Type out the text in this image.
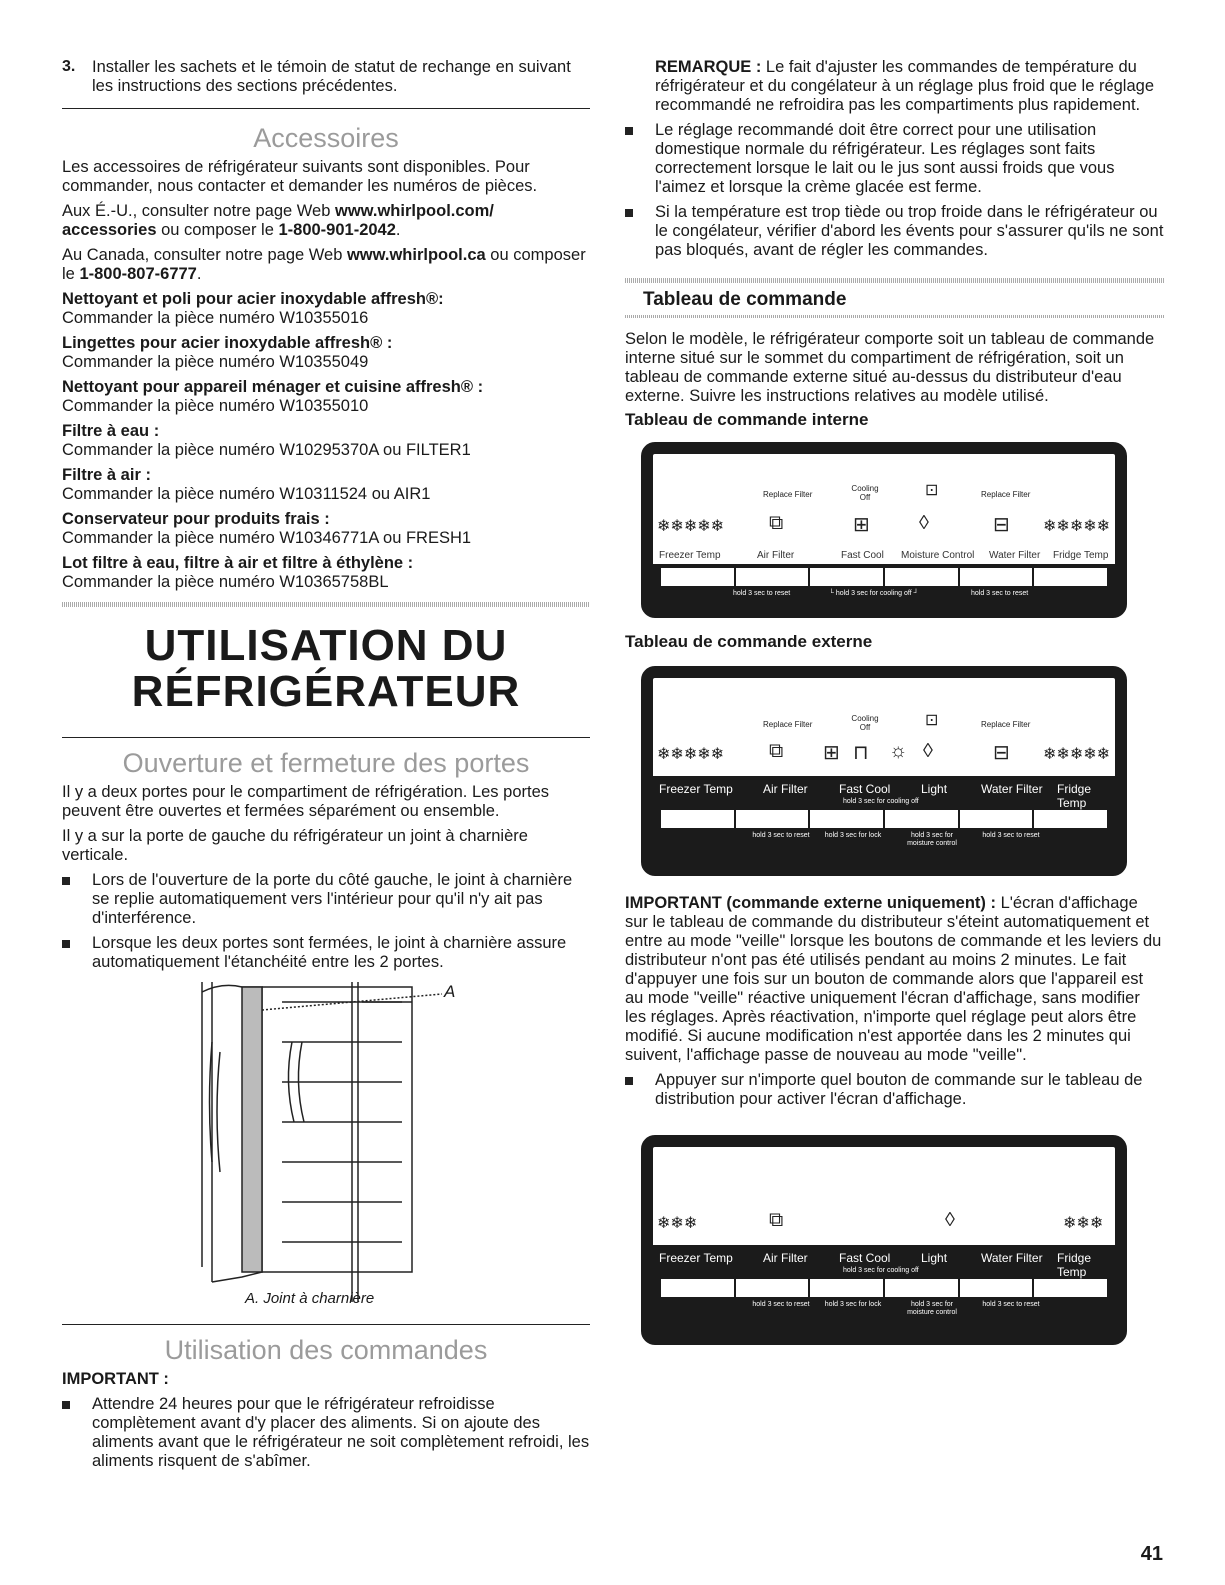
3. Installer les sachets et le témoin de statut de rechange en suivant les instructions des sections précédentes.

Accessoires

Les accessoires de réfrigérateur suivants sont disponibles. Pour commander, nous contacter et demander les numéros de pièces.

Aux É.-U., consulter notre page Web www.whirlpool.com/ accessories ou composer le 1-800-901-2042.

Au Canada, consulter notre page Web www.whirlpool.ca ou composer le 1-800-807-6777.

Nettoyant et poli pour acier inoxydable affresh®:

Commander la pièce numéro W10355016

Lingettes pour acier inoxydable affresh® :

Commander la pièce numéro W10355049

Nettoyant pour appareil ménager et cuisine affresh® :

Commander la pièce numéro W10355010

Filtre à eau :

Commander la pièce numéro W10295370A ou FILTER1

Filtre à air :

Commander la pièce numéro W10311524 ou AIR1

Conservateur pour produits frais :

Commander la pièce numéro W10346771A ou FRESH1

Lot filtre à eau, filtre à air et filtre à éthylène :

Commander la pièce numéro W10365758BL

UTILISATION DU
RÉFRIGÉRATEUR
Ouverture et fermeture des portes

Il y a deux portes pour le compartiment de réfrigération. Les portes peuvent être ouvertes et fermées séparément ou ensemble.

Il y a sur la porte de gauche du réfrigérateur un joint à charnière verticale.

Lors de l'ouverture de la porte du côté gauche, le joint à charnière se replie automatiquement vers l'intérieur pour qu'il n'y ait pas d'interférence.

Lorsque les deux portes sont fermées, le joint à charnière assure automatiquement l'étanchéité entre les 2 portes.

A
A. Joint à charnière
Utilisation des commandes

IMPORTANT :

Attendre 24 heures pour que le réfrigérateur refroidisse complètement avant d'y placer des aliments. Si on ajoute des aliments avant que le réfrigérateur ne soit complètement refroidi, les aliments risquent de s'abîmer.

REMARQUE : Le fait d'ajuster les commandes de température du réfrigérateur et du congélateur à un réglage plus froid que le réglage recommandé ne refroidira pas les compartiments plus rapidement.

Le réglage recommandé doit être correct pour une utilisation domestique normale du réfrigérateur. Les réglages sont faits correctement lorsque le lait ou le jus sont aussi froids que vous l'aimez et lorsque la crème glacée est ferme.

Si la température est trop tiède ou trop froide dans le réfrigérateur ou le congélateur, vérifier d'abord les évents pour s'assurer qu'ils ne sont pas bloqués, avant de régler les commandes.

Tableau de commande

Selon le modèle, le réfrigérateur comporte soit un tableau de commande interne situé sur le sommet du compartiment de réfrigération, soit un tableau de commande externe situé au-dessus du distributeur d'eau externe. Suivre les instructions relatives au modèle utilisé.

Tableau de commande interne
Replace Filter
Cooling Off	⊡	Replace Filter
❄❄❄❄❄ ⧉	⊞ ◊	⊟ ❄❄❄❄❄
Freezer Temp	Air Filter	Fast Cool Moisture Control Water Filter Fridge Temp
hold 3 sec to reset	└ hold 3 sec for cooling off ┘	hold 3 sec to reset
Tableau de commande externe
Replace Filter
Cooling Off	⊡	Replace Filter
❄❄❄❄❄ ⧉ ⊞ ⊓ ☼ ◊	⊟ ❄❄❄❄❄
Freezer Temp	Air Filter	Fast Cool	Light	Water Filter Fridge Temp
hold 3 sec for cooling off
hold 3 sec to reset hold 3 sec for lock	hold 3 sec for moisture control
hold 3 sec to reset

IMPORTANT (commande externe uniquement) : L'écran d'affichage sur le tableau de commande du distributeur s'éteint automatiquement et entre au mode "veille" lorsque les boutons de commande et les leviers du distributeur n'ont pas été utilisés pendant au moins 2 minutes. Le fait d'appuyer une fois sur un bouton de commande alors que l'appareil est au mode "veille" réactive uniquement l'écran d'affichage, sans modifier les réglages. Après réactivation, n'importe quel réglage peut alors être modifié. Si aucune modification n'est apportée dans les 2 minutes qui suivent, l'affichage passe de nouveau au mode "veille".

Appuyer sur n'importe quel bouton de commande sur le tableau de distribution pour activer l'écran d'affichage.

❄❄❄	⧉	◊	❄❄❄
Freezer Temp	Air Filter	Fast Cool	Light	Water Filter Fridge Temp
hold 3 sec for cooling off
hold 3 sec to reset hold 3 sec for lock	hold 3 sec for moisture control
hold 3 sec to reset
41
